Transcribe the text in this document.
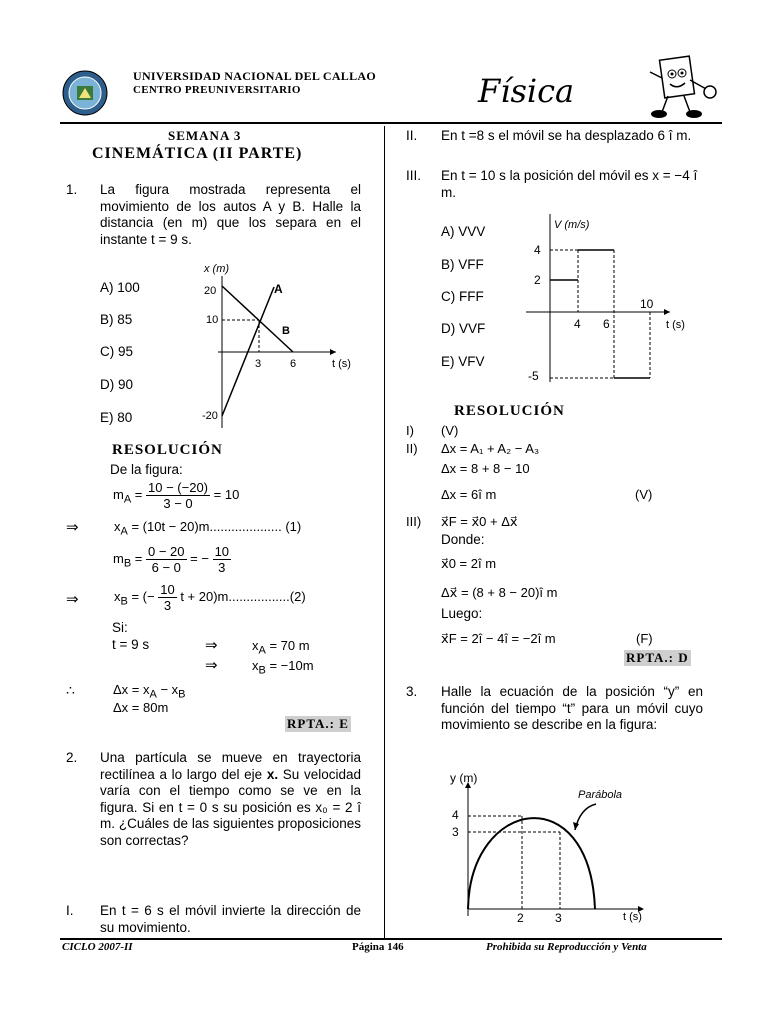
UNIVERSIDAD NACIONAL DEL CALLAO
CENTRO PREUNIVERSITARIO	Física
SEMANA 3
CINEMÁTICA (II PARTE)
1. La figura mostrada representa el movimiento de los autos A y B. Halle la distancia (en m) que los separa en el instante t = 9 s.
A) 100
B) 85
C) 95
D) 90
E) 80
x (m)
20
10
-20
3	6	t (s)
A
B
RESOLUCIÓN
De la figura:
$m_A = \frac{10 - (-20)}{3 - 0} = 10$
⇒	$x_A = (10t - 20)m$.................... (1)
$m_B = \frac{0 - 20}{6 - 0}$ = − $\frac{10}{3}$
⇒	$x_B$ = (− $\frac{10}{3}$ t + 20)m.................(2)
Si:
t = 9 s	⇒	$x_A = 70$ m
⇒	$x_B = -10m$
∴	$\Delta x = x_A - x_B$
Δx = 80m
RPTA.: E
2. Una partícula se mueve en trayectoria rectilínea a lo largo del eje x. Su velocidad varía con el tiempo como se ve en la figura. Si en t = 0 s su posición es x₀ = 2 î m. ¿Cuáles de las siguientes proposiciones son correctas?
I. En t = 6 s el móvil invierte la dirección de su movimiento.
II. En t =8 s el móvil se ha desplazado 6 î m.
III. En t = 10 s la posición del móvil es x = −4 î m.
A) VVV
B) VFF
C) FFF
D) VVF
E) VFV
V (m/s)
4
2
-5
4 6
10
t (s)
RESOLUCIÓN
I) (V)
II) Δx = A₁ + A₂ − A₃
Δx = 8 + 8 − 10
Δx = 6î m	(V)
III) x⃗F = x⃗0 + Δx⃗
Donde:
x⃗0 = 2î m
Δx⃗ = (8 + 8 − 20)î m
Luego:
x⃗F = 2î − 4î = −2î m	(F)
RPTA.: D
3. Halle la ecuación de la posición “y” en función del tiempo “t” para un móvil cuyo movimiento se describe en la figura:
y (m)
Parábola
4
3
2	3	t (s)
CICLO 2007-II	Página 146	Prohibida su Reproducción y Venta
